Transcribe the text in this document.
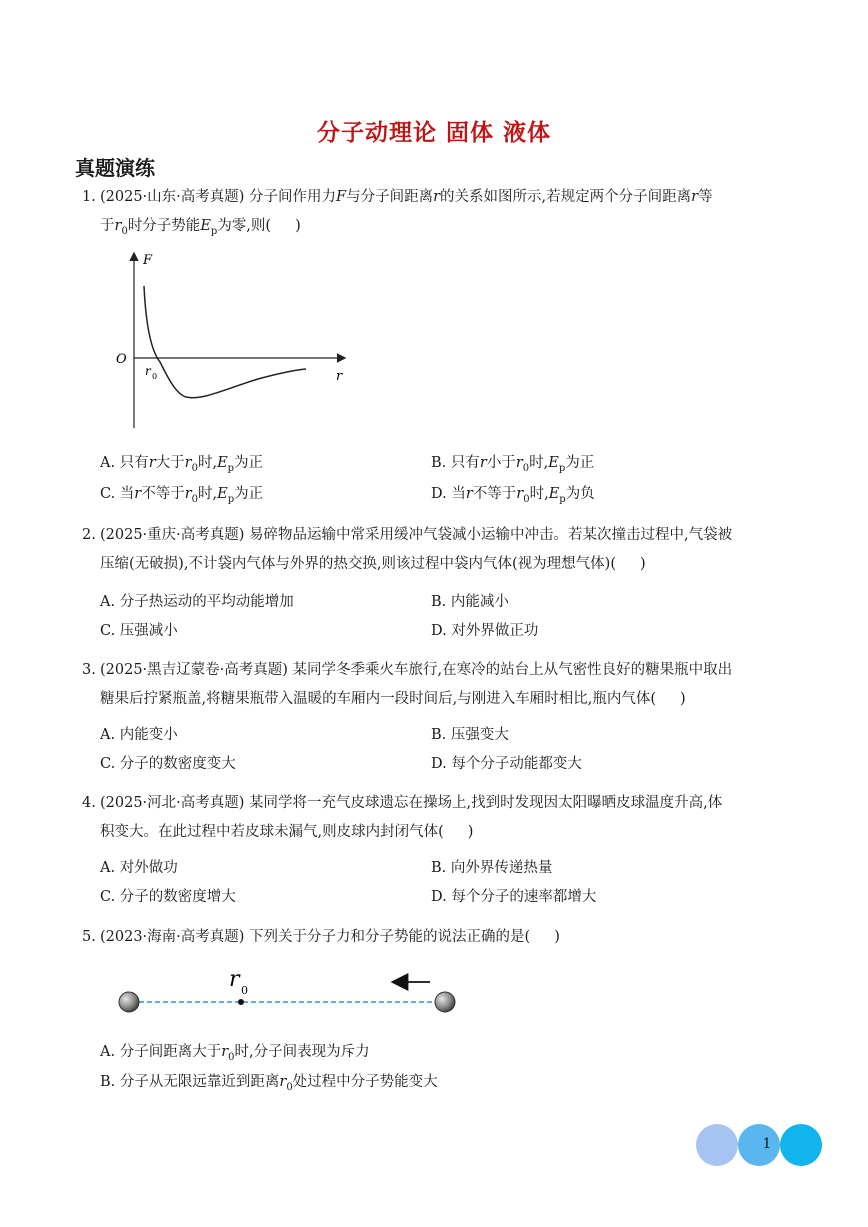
分子动理论 固体 液体
真题演练
1. (2025·山东·高考真题) 分子间作用力F与分子间距离r的关系如图所示,若规定两个分子间距离r等
于$r_0$时分子势能$E_p$为零,则( )
F
O
r
r 0
A. 只有r大于$r_0$时$,E_p$为正	B. 只有r小于$r_0$时$,E_p$为正
C. 当r不等于$r_0$时$,E_p$为正	D. 当r不等于$r_0$时$,E_p$为负
2. (2025·重庆·高考真题) 易碎物品运输中常采用缓冲气袋减小运输中冲击。若某次撞击过程中,气袋被
压缩(无破损),不计袋内气体与外界的热交换,则该过程中袋内气体(视为理想气体)( )
A. 分子热运动的平均动能增加	B. 内能减小
C. 压强减小	D. 对外界做正功
3. (2025·黑吉辽蒙卷·高考真题) 某同学冬季乘火车旅行,在寒冷的站台上从气密性良好的糖果瓶中取出
糖果后拧紧瓶盖,将糖果瓶带入温暖的车厢内一段时间后,与刚进入车厢时相比,瓶内气体( )
A. 内能变小	B. 压强变大
C. 分子的数密度变大	D. 每个分子动能都变大
4. (2025·河北·高考真题) 某同学将一充气皮球遗忘在操场上,找到时发现因太阳曝晒皮球温度升高,体
积变大。在此过程中若皮球未漏气,则皮球内封闭气体( )
A. 对外做功	B. 向外界传递热量
C. 分子的数密度增大	D. 每个分子的速率都增大
5. (2023·海南·高考真题) 下列关于分子力和分子势能的说法正确的是( )
r 0
A. 分子间距离大于$r_0$时,分子间表现为斥力
B. 分子从无限远靠近到距离$r_0$处过程中分子势能变大
1
